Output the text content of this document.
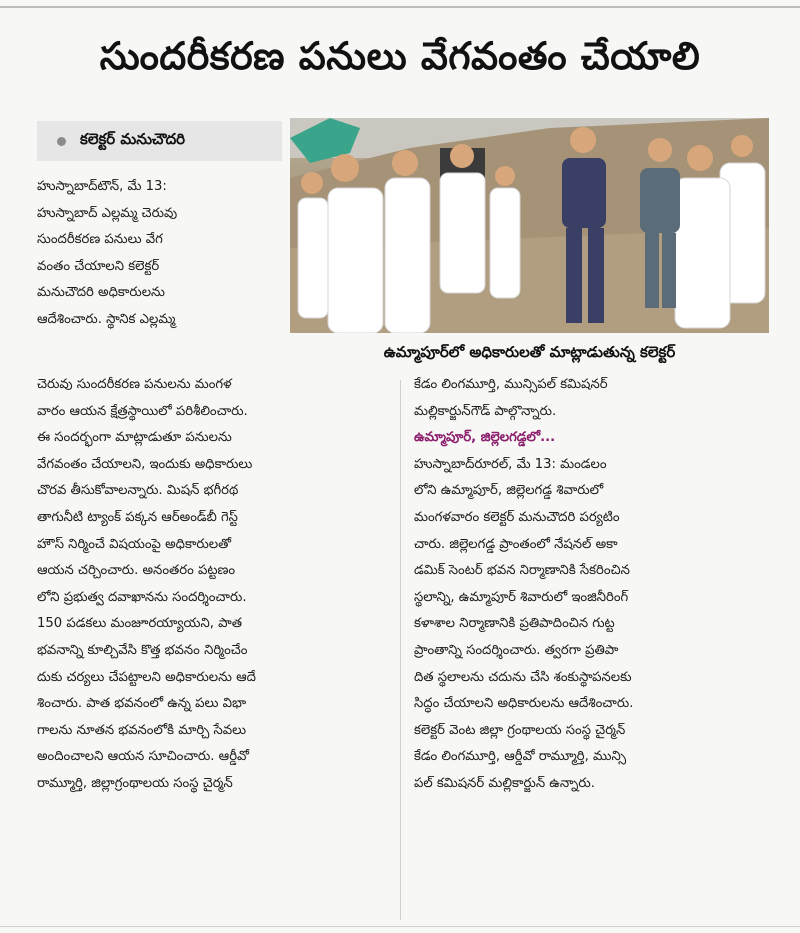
సుందరీకరణ పనులు వేగవంతం చేయాలి
కలెక్టర్ మనుచౌదరి
ఉమ్మాపూర్‌లో అధికారులతో మాట్లాడుతున్న కలెక్టర్
హుస్నాబాద్‌టౌన్, మే 13:
హుస్నాబాద్ ఎల్లమ్మ చెరువు
సుందరీకరణ పనులు వేగ
వంతం చేయాలని కలెక్టర్
మనుచౌదరి అధికారులను
ఆదేశించారు. స్థానిక ఎల్లమ్మ
చెరువు సుందరీకరణ పనులను మంగళ
వారం ఆయన క్షేత్రస్థాయిలో పరిశీలించారు.
ఈ సందర్భంగా మాట్లాడుతూ పనులను
వేగవంతం చేయాలని, ఇందుకు అధికారులు
చొరవ తీసుకోవాలన్నారు. మిషన్ భగీరథ
తాగునీటి ట్యాంక్ పక్కన ఆర్‌అండ్‌బీ గెస్ట్
హౌస్ నిర్మించే విషయంపై అధికారులతో
ఆయన చర్చించారు. అనంతరం పట్టణం
లోని ప్రభుత్వ దవాఖానను సందర్శించారు.
150 పడకలు మంజూరయ్యాయని, పాత
భవనాన్ని కూల్చివేసి కొత్త భవనం నిర్మించేం
దుకు చర్యలు చేపట్టాలని అధికారులను ఆదే
శించారు. పాత భవనంలో ఉన్న పలు విభా
గాలను నూతన భవనంలోకి మార్చి సేవలు
అందించాలని ఆయన సూచించారు. ఆర్డీవో
రామ్మూర్తి, జిల్లాగ్రంథాలయ సంస్థ చైర్మన్
కేడం లింగమూర్తి, మున్సిపల్ కమిషనర్
మల్లికార్జున్‌గౌడ్ పాల్గొన్నారు.
ఉమ్మాపూర్, జిల్లెలగడ్డలో...
హుస్నాబాద్‌రూరల్, మే 13: మండలం
లోని ఉమ్మాపూర్, జిల్లెలగడ్డ శివారులో
మంగళవారం కలెక్టర్ మనుచౌదరి పర్యటిం
చారు. జిల్లెలగడ్డ ప్రాంతంలో నేషనల్ అకా
డమిక్ సెంటర్ భవన నిర్మాణానికి సేకరించిన
స్థలాన్ని, ఉమ్మాపూర్ శివారులో ఇంజినీరింగ్
కళాశాల నిర్మాణానికి ప్రతిపాదించిన గుట్ట
ప్రాంతాన్ని సందర్శించారు. త్వరగా ప్రతిపా
దిత స్థలాలను చదును చేసి శంకుస్థాపనలకు
సిద్ధం చేయాలని అధికారులను ఆదేశించారు.
కలెక్టర్ వెంట జిల్లా గ్రంథాలయ సంస్థ చైర్మన్
కేడం లింగమూర్తి, ఆర్డీవో రామ్మూర్తి, మున్సి
పల్ కమిషనర్ మల్లికార్జున్ ఉన్నారు.
